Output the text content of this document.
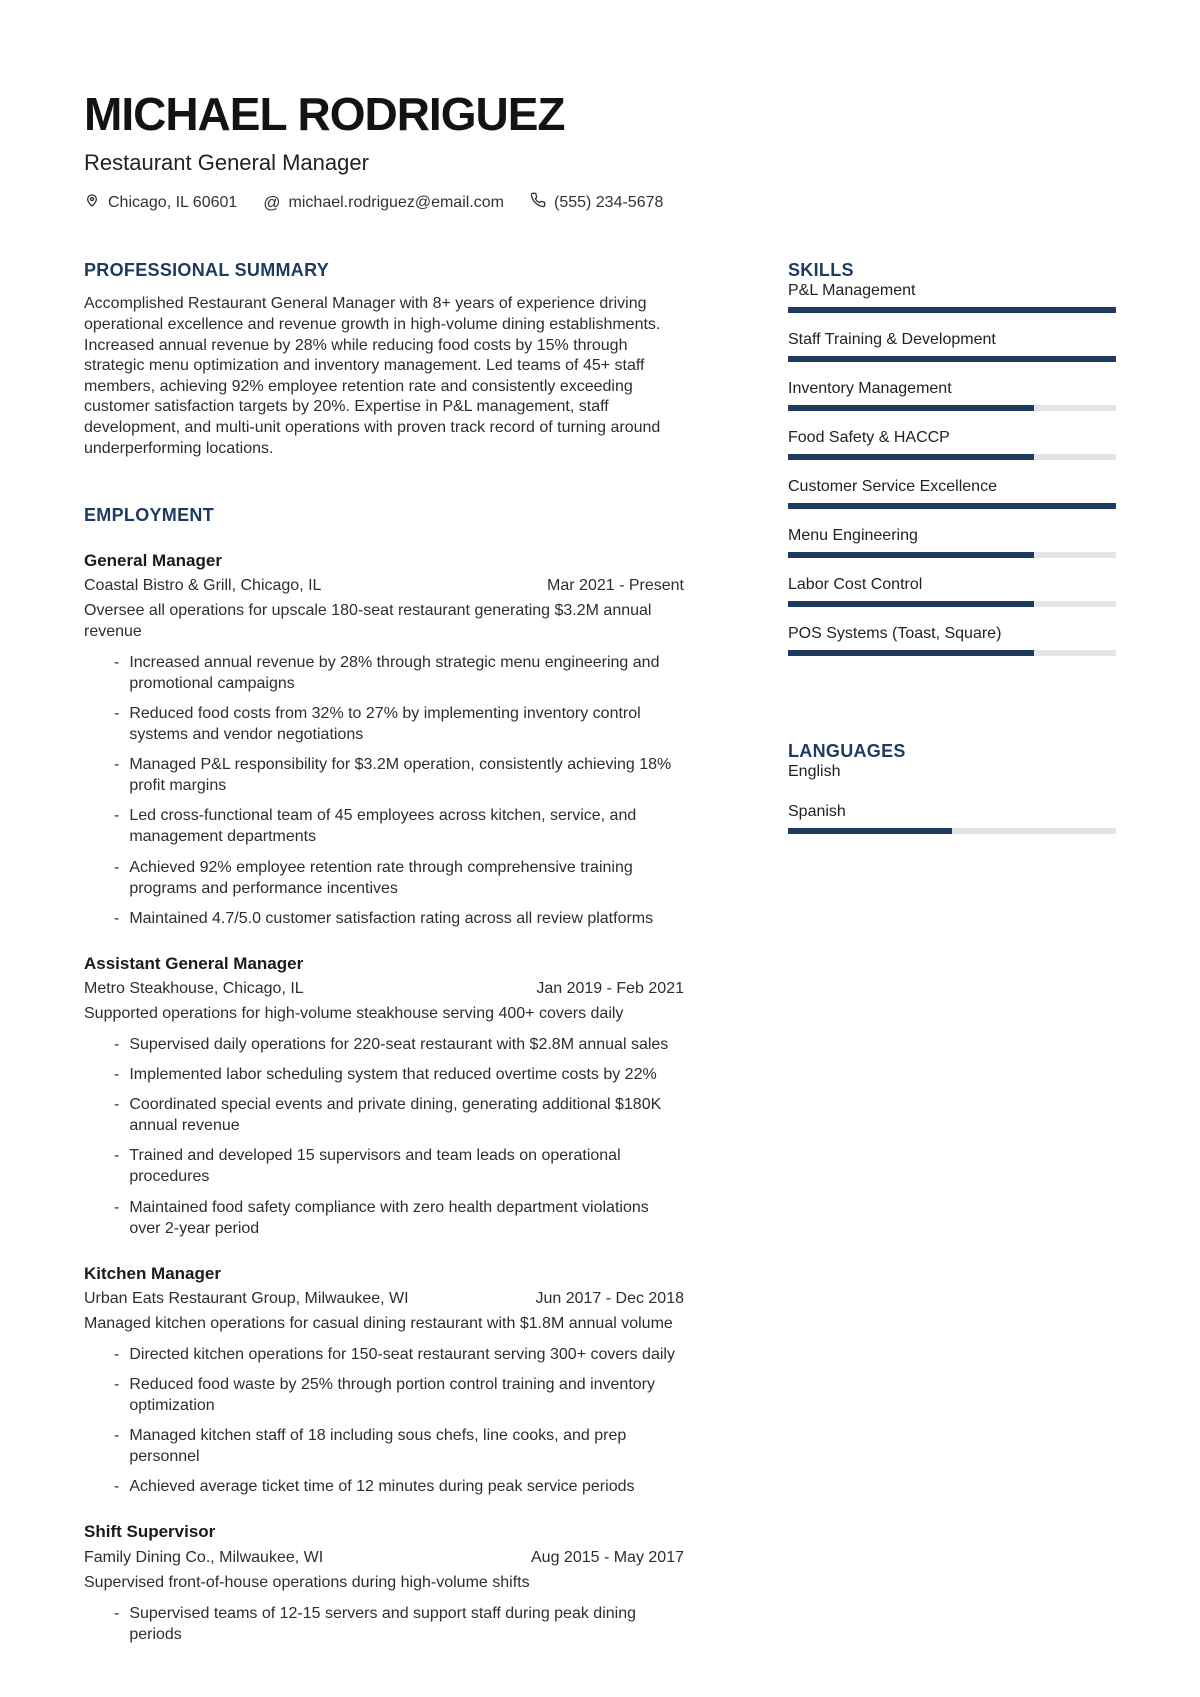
MICHAEL RODRIGUEZ
Restaurant General Manager
Chicago, IL 60601 @ michael.rodriguez@email.com	(555) 234-5678
PROFESSIONAL SUMMARY
Accomplished Restaurant General Manager with 8+ years of experience driving operational excellence and revenue growth in high-volume dining establishments. Increased annual revenue by 28% while reducing food costs by 15% through strategic menu optimization and inventory management. Led teams of 45+ staff members, achieving 92% employee retention rate and consistently exceeding customer satisfaction targets by 20%. Expertise in P&L management, staff development, and multi-unit operations with proven track record of turning around underperforming locations.
EMPLOYMENT
General Manager
Coastal Bistro & Grill, Chicago, IL	Mar 2021 - Present
Oversee all operations for upscale 180-seat restaurant generating $3.2M annual revenue
- Increased annual revenue by 28% through strategic menu engineering and promotional campaigns
- Reduced food costs from 32% to 27% by implementing inventory control systems and vendor negotiations
- Managed P&L responsibility for $3.2M operation, consistently achieving 18% profit margins
- Led cross-functional team of 45 employees across kitchen, service, and management departments
- Achieved 92% employee retention rate through comprehensive training programs and performance incentives
- Maintained 4.7/5.0 customer satisfaction rating across all review platforms
Assistant General Manager
Metro Steakhouse, Chicago, IL	Jan 2019 - Feb 2021
Supported operations for high-volume steakhouse serving 400+ covers daily
- Supervised daily operations for 220-seat restaurant with $2.8M annual sales
- Implemented labor scheduling system that reduced overtime costs by 22%
- Coordinated special events and private dining, generating additional $180K annual revenue
- Trained and developed 15 supervisors and team leads on operational procedures
- Maintained food safety compliance with zero health department violations over 2-year period
Kitchen Manager
Urban Eats Restaurant Group, Milwaukee, WI	Jun 2017 - Dec 2018
Managed kitchen operations for casual dining restaurant with $1.8M annual volume
- Directed kitchen operations for 150-seat restaurant serving 300+ covers daily
- Reduced food waste by 25% through portion control training and inventory optimization
- Managed kitchen staff of 18 including sous chefs, line cooks, and prep personnel
- Achieved average ticket time of 12 minutes during peak service periods
Shift Supervisor
Family Dining Co., Milwaukee, WI	Aug 2015 - May 2017
Supervised front-of-house operations during high-volume shifts
- Supervised teams of 12-15 servers and support staff during peak dining periods
SKILLS
P&L Management
Staff Training & Development
Inventory Management
Food Safety & HACCP
Customer Service Excellence
Menu Engineering
Labor Cost Control
POS Systems (Toast, Square)
LANGUAGES
English
Spanish
